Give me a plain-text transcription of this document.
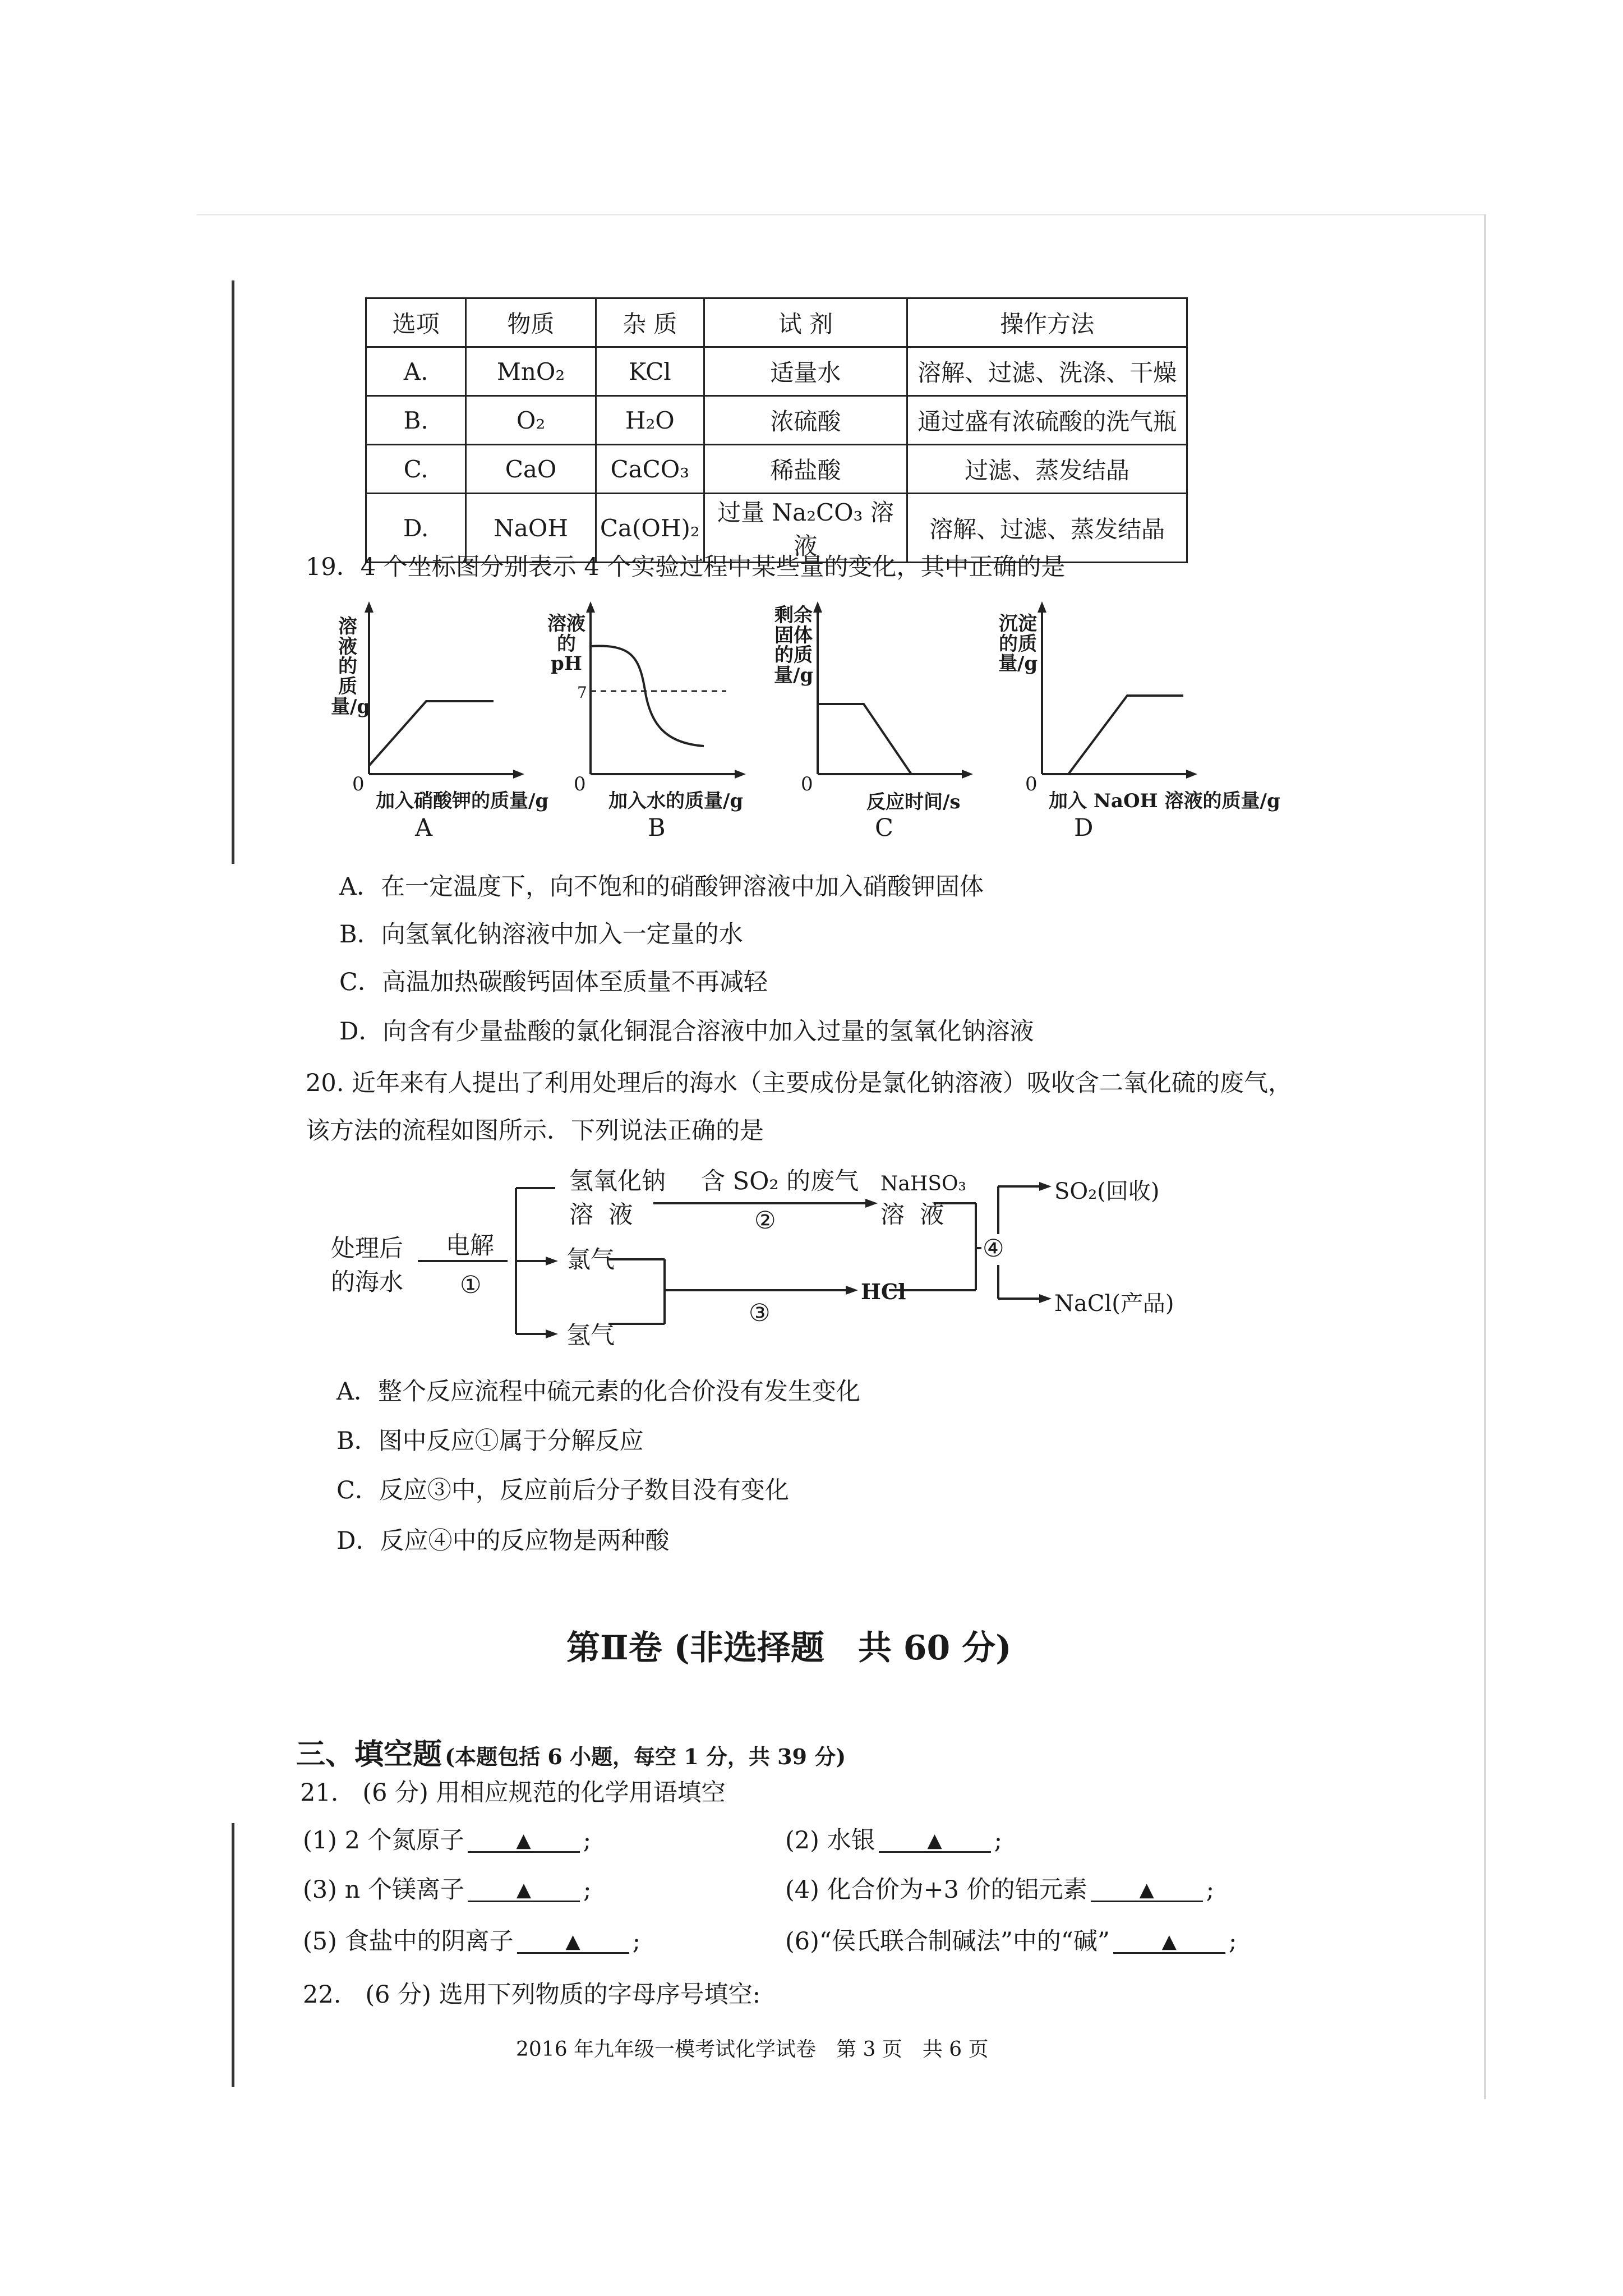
选项	物质	杂 质	试 剂	操作方法
A.	MnO₂	KCl	适量水	溶解、过滤、洗涤、干燥
B.	O₂	H₂O	浓硫酸	通过盛有浓硫酸的洗气瓶
C.	CaO	CaCO₃	稀盐酸	过滤、蒸发结晶
D.	NaOH	Ca(OH)₂	过量 Na₂CO₃ 溶液	溶解、过滤、蒸发结晶
19．4 个坐标图分别表示 4 个实验过程中某些量的变化，其中正确的是
溶液
的质
量/g
0
加入硝酸钾的质量/g
A
溶液
的
pH
7
0
加入水的质量/g
B
剩余
固体
的质
量/g
0
反应时间/s
C
沉淀
的质
量/g
0
加入 NaOH 溶液的质量/g
D
A．在一定温度下，向不饱和的硝酸钾溶液中加入硝酸钾固体
B．向氢氧化钠溶液中加入一定量的水
C．高温加热碳酸钙固体至质量不再减轻
D．向含有少量盐酸的氯化铜混合溶液中加入过量的氢氧化钠溶液
20. 近年来有人提出了利用处理后的海水（主要成份是氯化钠溶液）吸收含二氧化硫的废气，
该方法的流程如图所示．下列说法正确的是
处理后
的海水
电解
①
氢氧化钠
溶  液
含 SO₂ 的废气
②
NaHSO₃
溶  液
氯气
氢气
③
HCl
④
SO₂(回收)
NaCl(产品)
A．整个反应流程中硫元素的化合价没有发生变化
B．图中反应①属于分解反应
C．反应③中，反应前后分子数目没有变化
D．反应④中的反应物是两种酸
第Ⅱ卷 (非选择题　共 60 分)
三、填空题 (本题包括 6 小题，每空 1 分，共 39 分)
21.　(6 分) 用相应规范的化学用语填空
(1) 2 个氮原子	▲ ;	(2) 水银	▲ ;
(3) n 个镁离子	▲ ;	(4) 化合价为+3 价的铝元素	▲ ;
(5) 食盐中的阴离子	▲ ;	(6)“侯氏联合制碱法”中的“碱”	▲ ;
22.　(6 分) 选用下列物质的字母序号填空:
2016 年九年级一模考试化学试卷　第 3 页　共 6 页
